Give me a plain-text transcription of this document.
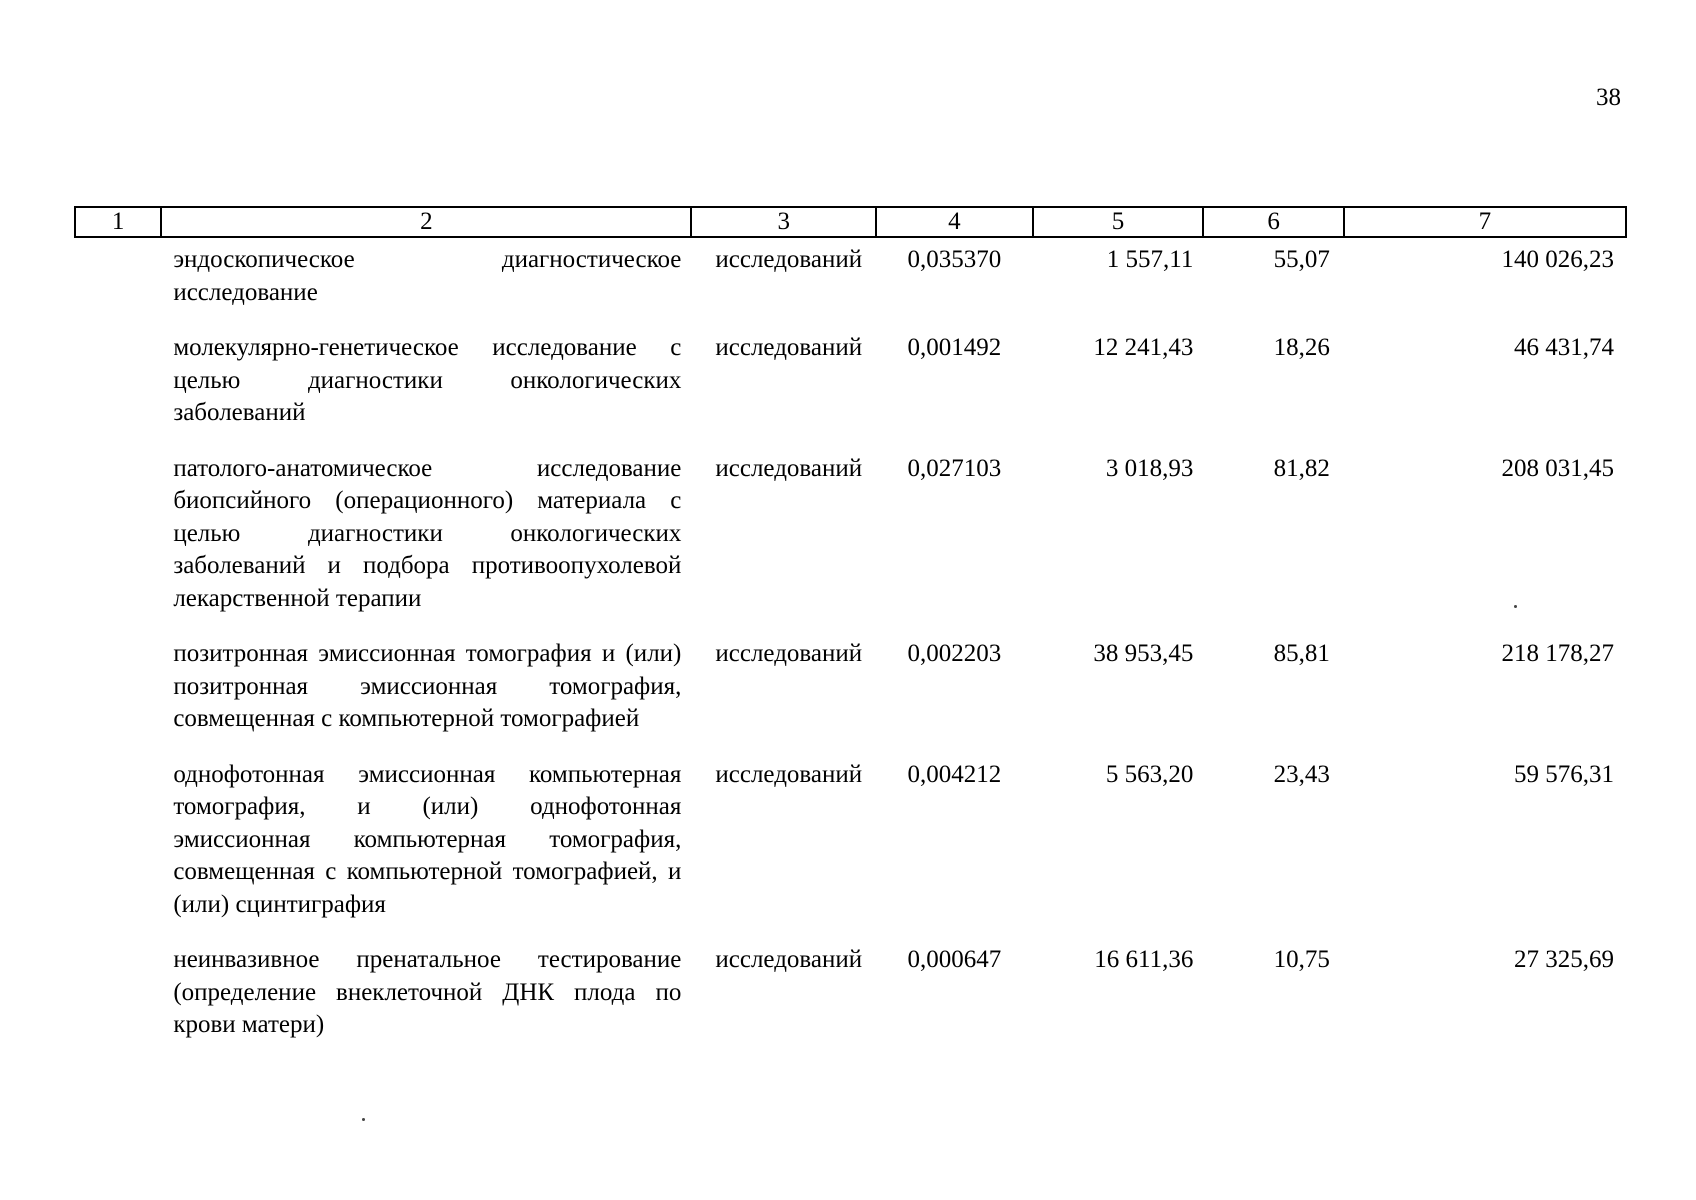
38
1	2	3	4	5	6	7
	эндоскопическое диагностическое исследование	исследований	0,035370	1 557,11	55,07	140 026,23
	молекулярно-генетическое исследование с целью диагностики онкологических заболеваний	исследований	0,001492	12 241,43	18,26	46 431,74
	патолого-анатомическое исследование биопсийного (операционного) материала с целью диагностики онкологических заболеваний и подбора противоопухолевой лекарственной терапии	исследований	0,027103	3 018,93	81,82	208 031,45
	позитронная эмиссионная томография и (или) позитронная эмиссионная томография, совмещенная с компьютерной томографией	исследований	0,002203	38 953,45	85,81	218 178,27
	однофотонная эмиссионная компьютерная томография, и (или) однофотонная эмиссионная компьютерная томография, совмещенная с компьютерной томографией, и (или) сцинтиграфия	исследований	0,004212	5 563,20	23,43	59 576,31
	неинвазивное пренатальное тестирование (определение внеклеточной ДНК плода по крови матери)	исследований	0,000647	16 611,36	10,75	27 325,69
